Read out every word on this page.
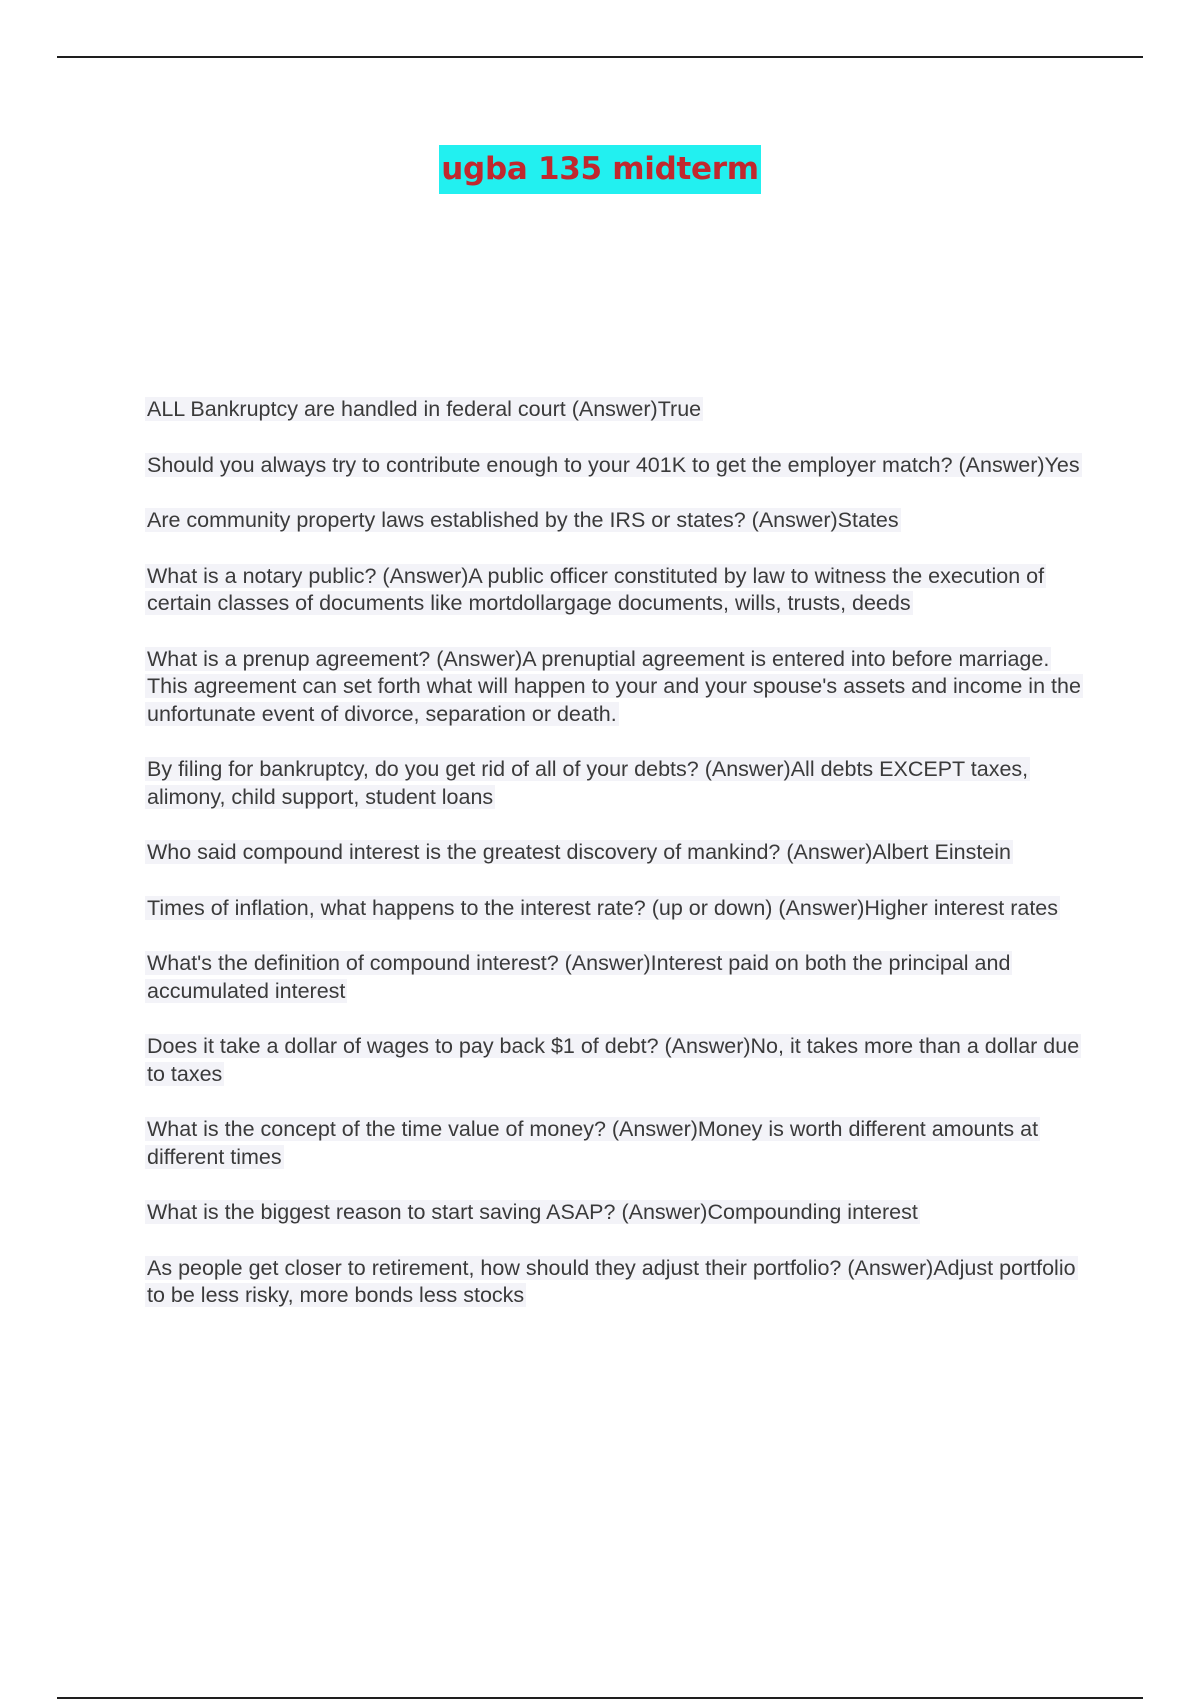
ugba 135 midterm
ALL Bankruptcy are handled in federal court (Answer)True
Should you always try to contribute enough to your 401K to get the employer match? (Answer)Yes
Are community property laws established by the IRS or states? (Answer)States
What is a notary public? (Answer)A public officer constituted by law to witness the execution of certain classes of documents like mortdollargage documents, wills, trusts, deeds
What is a prenup agreement? (Answer)A prenuptial agreement is entered into before marriage. This agreement can set forth what will happen to your and your spouse's assets and income in the unfortunate event of divorce, separation or death.
By filing for bankruptcy, do you get rid of all of your debts? (Answer)All debts EXCEPT taxes, alimony, child support, student loans
Who said compound interest is the greatest discovery of mankind? (Answer)Albert Einstein
Times of inflation, what happens to the interest rate? (up or down) (Answer)Higher interest rates
What's the definition of compound interest? (Answer)Interest paid on both the principal and accumulated interest
Does it take a dollar of wages to pay back $1 of debt? (Answer)No, it takes more than a dollar due to taxes
What is the concept of the time value of money? (Answer)Money is worth different amounts at different times
What is the biggest reason to start saving ASAP? (Answer)Compounding interest
As people get closer to retirement, how should they adjust their portfolio? (Answer)Adjust portfolio to be less risky, more bonds less stocks
